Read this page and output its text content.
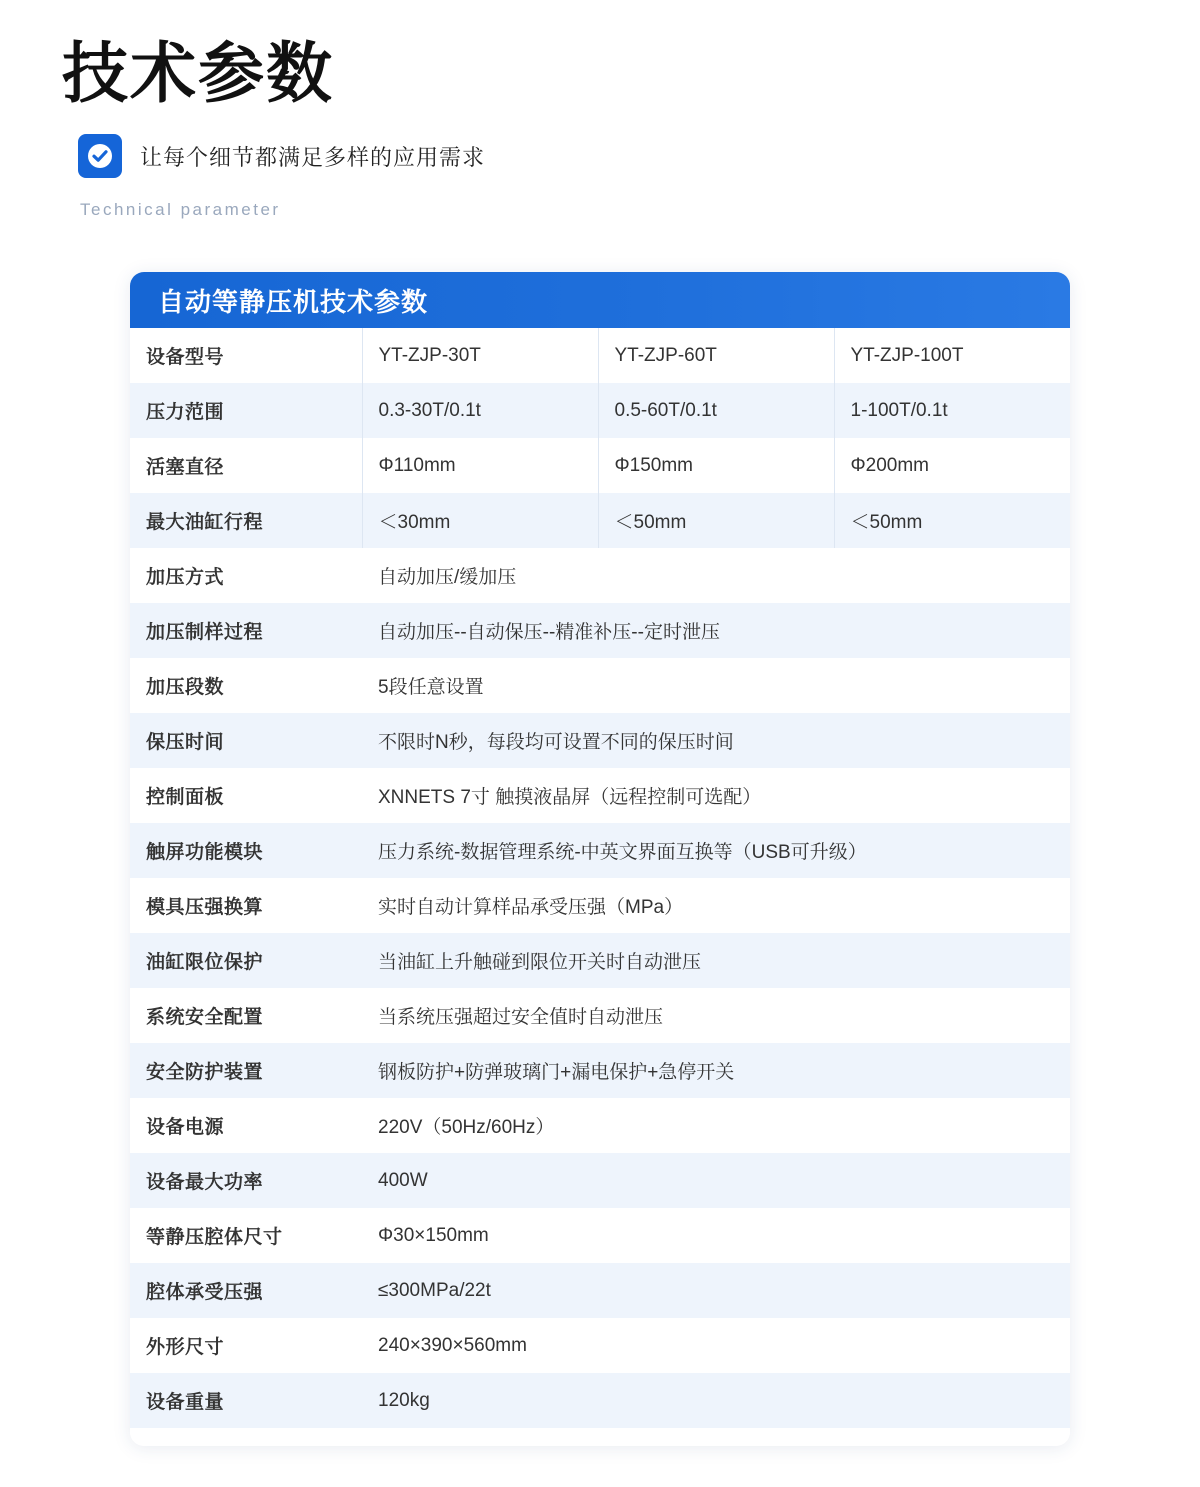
技术参数
让每个细节都满足多样的应用需求
Technical parameter
自动等静压机技术参数
设备型号	YT-ZJP-30T	YT-ZJP-60T	YT-ZJP-100T
压力范围	0.3-30T/0.1t	0.5-60T/0.1t	1-100T/0.1t
活塞直径	Φ110mm	Φ150mm	Φ200mm
最大油缸行程	＜30mm	＜50mm	＜50mm
加压方式	自动加压/缓加压		
加压制样过程	自动加压--自动保压--精准补压--定时泄压		
加压段数	5段任意设置		
保压时间	不限时N秒，每段均可设置不同的保压时间		
控制面板	XNNETS 7寸 触摸液晶屏（远程控制可选配）		
触屏功能模块	压力系统-数据管理系统-中英文界面互换等（USB可升级）		
模具压强换算	实时自动计算样品承受压强（MPa）		
油缸限位保护	当油缸上升触碰到限位开关时自动泄压		
系统安全配置	当系统压强超过安全值时自动泄压		
安全防护装置	钢板防护+防弹玻璃门+漏电保护+急停开关		
设备电源	220V（50Hz/60Hz）		
设备最大功率	400W		
等静压腔体尺寸	Φ30×150mm		
腔体承受压强	≤300MPa/22t		
外形尺寸	240×390×560mm		
设备重量	120kg		
